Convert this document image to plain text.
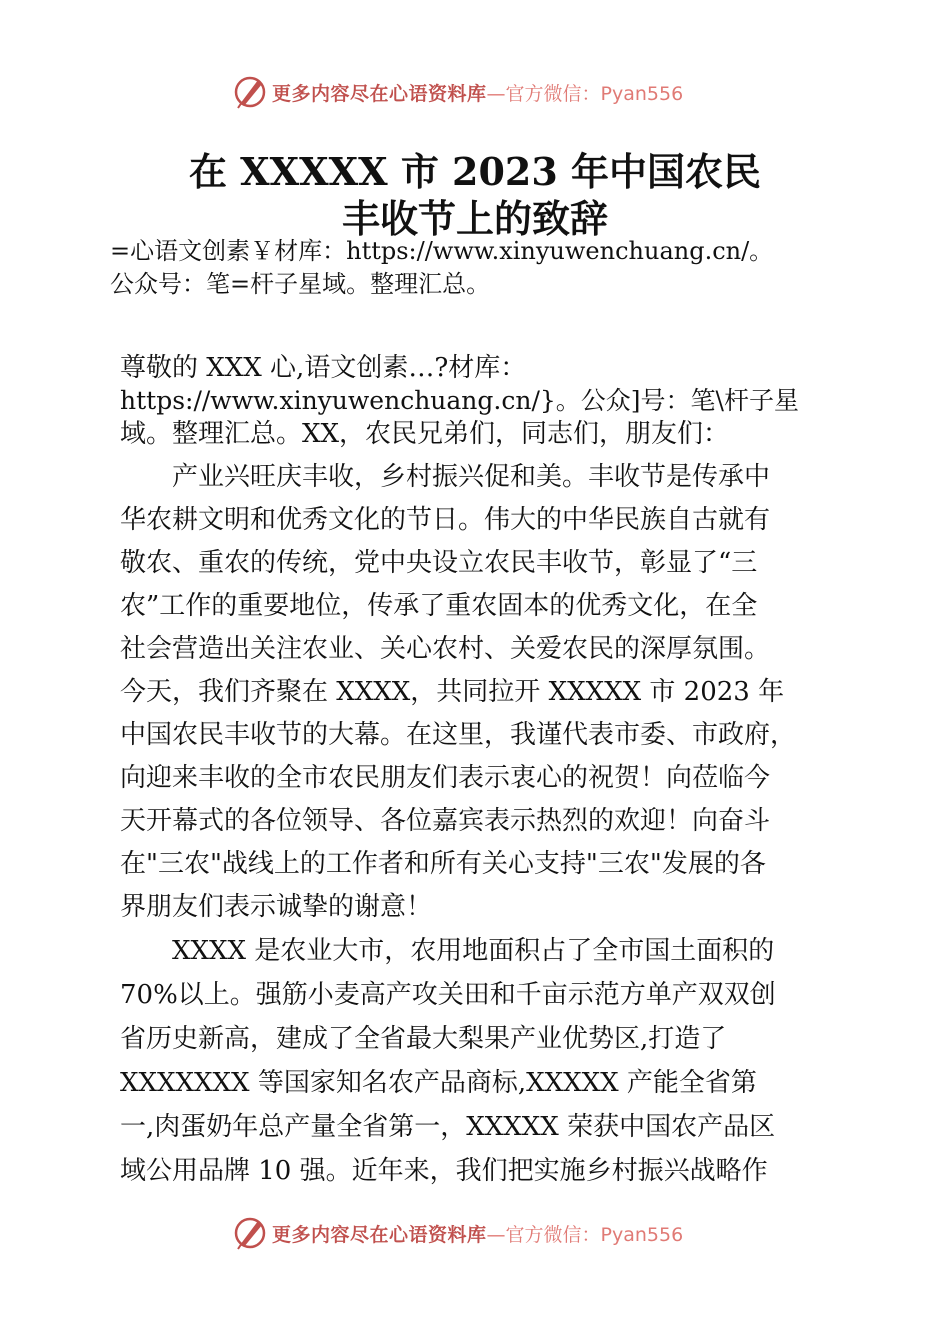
更多内容尽在心语资料库 —官方微信：Pyan556
在 XXXXX 市 2023 年中国农民
丰收节上的致辞
=心语文创素￥材库：https://www.xinyuwenchuang.cn/。
公众号：笔=杆子星域。整理汇总。
尊敬的 XXX 心,语文创素…?材库：
https://www.xinyuwenchuang.cn/}。公众]号：笔\杆子星
域。整理汇总。XX，农民兄弟们，同志们，朋友们：
　　产业兴旺庆丰收，乡村振兴促和美。丰收节是传承中
华农耕文明和优秀文化的节日。伟大的中华民族自古就有
敬农、重农的传统，党中央设立农民丰收节，彰显了“三
农”工作的重要地位，传承了重农固本的优秀文化，在全
社会营造出关注农业、关心农村、关爱农民的深厚氛围。
今天，我们齐聚在 XXXX，共同拉开 XXXXX 市 2023 年
中国农民丰收节的大幕。在这里，我谨代表市委、市政府，
向迎来丰收的全市农民朋友们表示衷心的祝贺！向莅临今
天开幕式的各位领导、各位嘉宾表示热烈的欢迎！向奋斗
在"三农"战线上的工作者和所有关心支持"三农"发展的各
界朋友们表示诚挚的谢意！
　　XXXX 是农业大市，农用地面积占了全市国土面积的
70%以上。强筋小麦高产攻关田和千亩示范方单产双双创
省历史新高，建成了全省最大梨果产业优势区,打造了
XXXXXXX 等国家知名农产品商标,XXXXX 产能全省第
一,肉蛋奶年总产量全省第一，XXXXX 荣获中国农产品区
域公用品牌 10 强。近年来，我们把实施乡村振兴战略作
更多内容尽在心语资料库 —官方微信：Pyan556
